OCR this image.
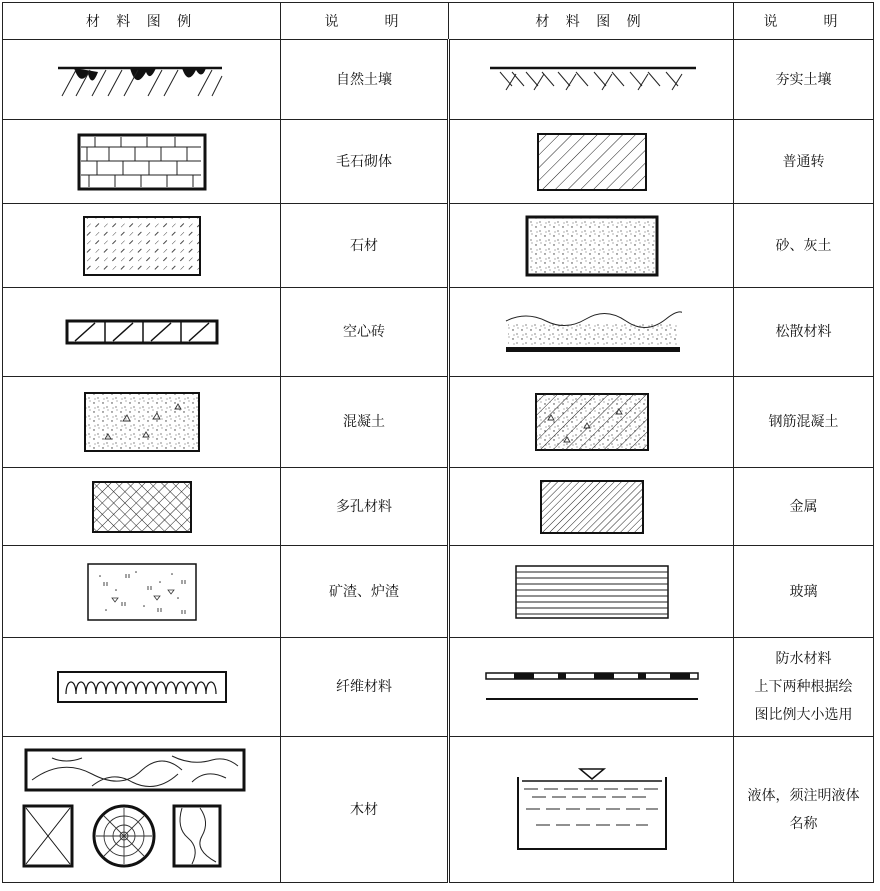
材 料 图 例	说　　明	材 料 图 例	说　　明

自然土壤		夯实土壤

毛石砌体		普通转

石材		砂、灰土

空心砖		松散材料

混凝土		钢筋混凝土

多孔材料		金属

矿渣、炉渣		玻璃

纤维材料		防水材料
上下两种根据绘
图比例大小选用

木材		液体，须注明液体
名称
